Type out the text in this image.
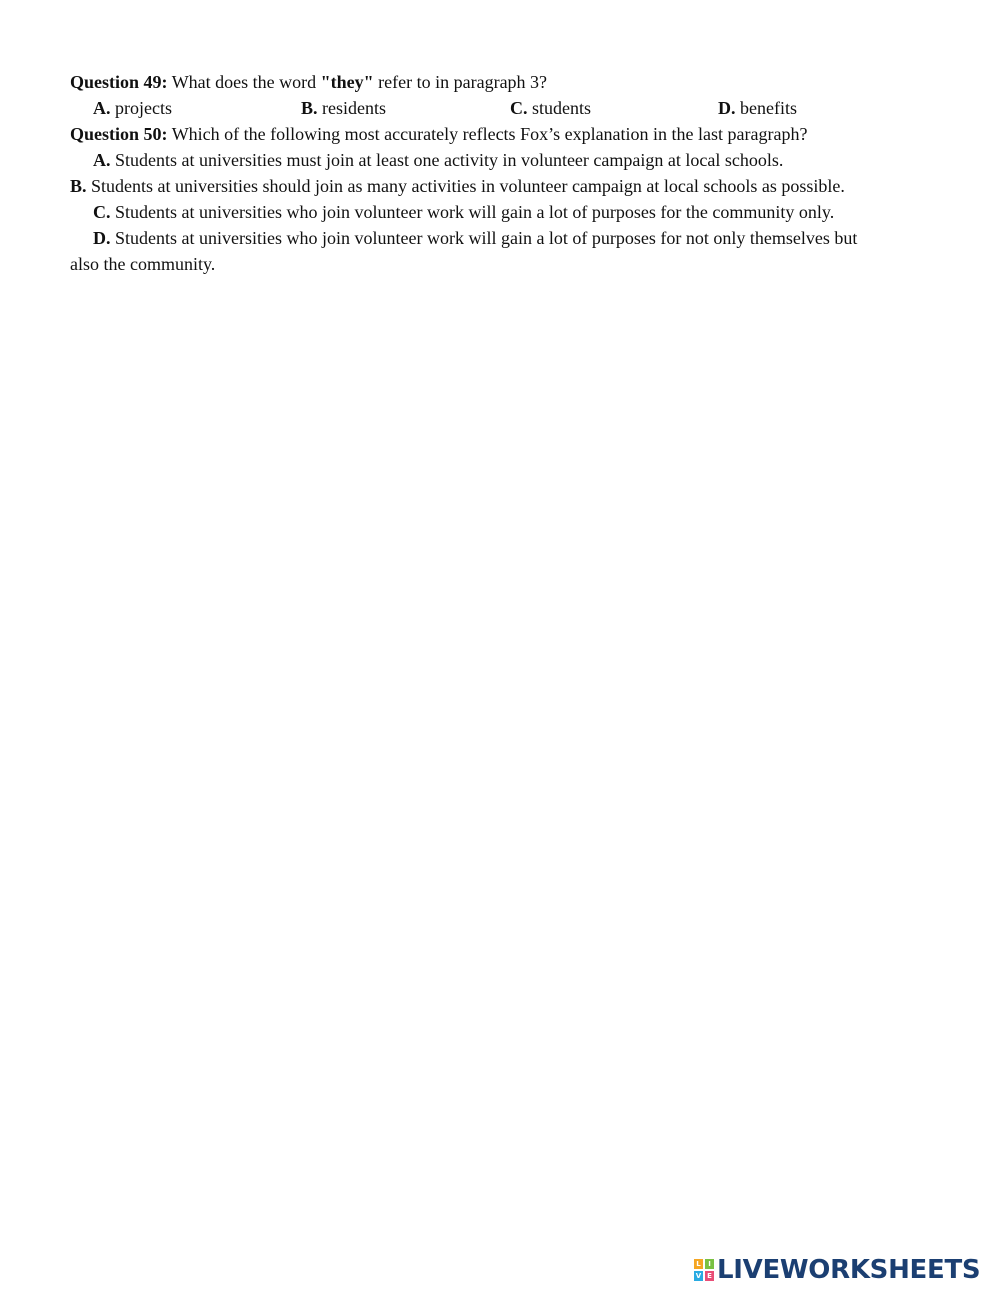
Question 49: What does the word "they" refer to in paragraph 3?
A. projects	B. residents	C. students	D. benefits
Question 50: Which of the following most accurately reflects Fox’s explanation in the last paragraph?
A. Students at universities must join at least one activity in volunteer campaign at local schools.
B. Students at universities should join as many activities in volunteer campaign at local schools as possible.
C. Students at universities who join volunteer work will gain a lot of purposes for the community only.
D. Students at universities who join volunteer work will gain a lot of purposes for not only themselves but
also the community.
L	I
V E LIVEWORKSHEETS
